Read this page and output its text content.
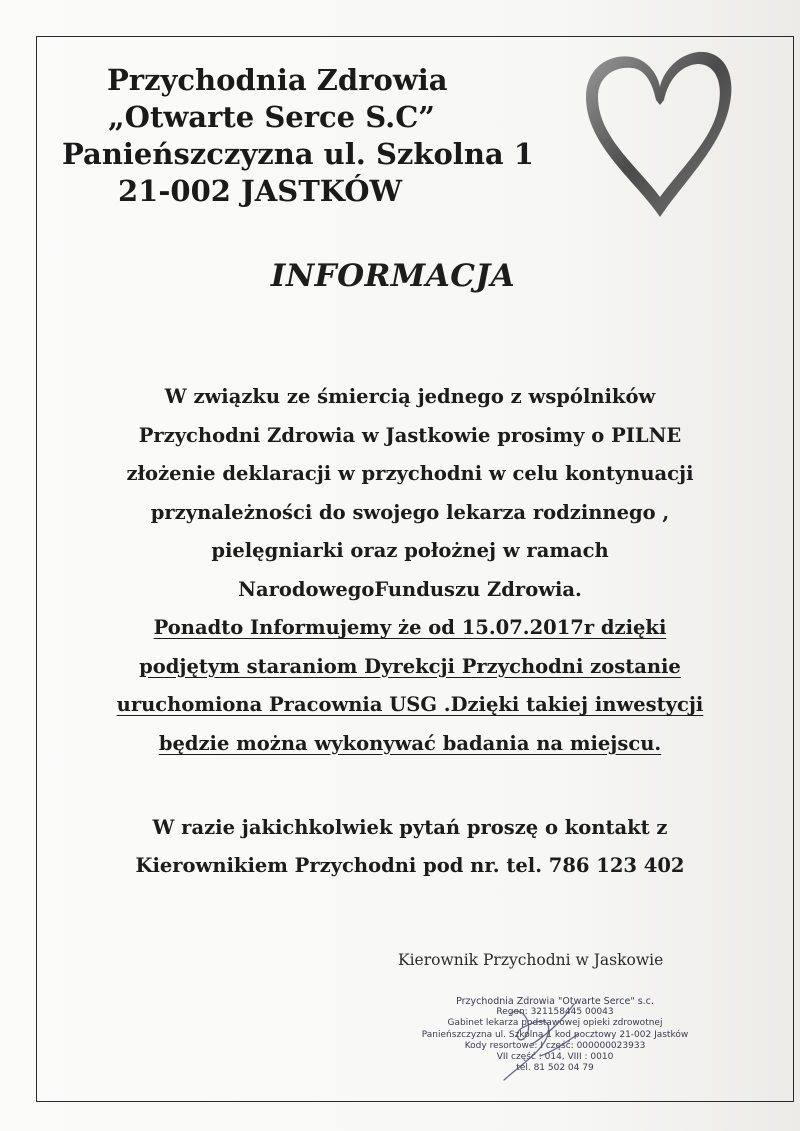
Przychodnia Zdrowia
„Otwarte Serce S.C”
Panieńszczyzna ul. Szkolna 1
21-002 JASTKÓW
INFORMACJA
W związku ze śmiercią jednego z wspólników
Przychodni Zdrowia w Jastkowie prosimy o PILNE
złożenie deklaracji w przychodni w celu kontynuacji
przynależności do swojego lekarza rodzinnego ,
pielęgniarki oraz położnej w ramach
NarodowegoFunduszu Zdrowia.
Ponadto Informujemy że od 15.07.2017r dzięki
podjętym staraniom Dyrekcji Przychodni zostanie
uruchomiona Pracownia USG .Dzięki takiej inwestycji
będzie można wykonywać badania na miejscu.
W razie jakichkolwiek pytań proszę o kontakt z
Kierownikiem Przychodni pod nr. tel. 786 123 402
Kierownik Przychodni w Jaskowie
Przychodnia Zdrowia "Otwarte Serce" s.c.
Regon: 321158445 00043
Gabinet lekarza podstawowej opieki zdrowotnej
Panieńszczyzna ul. Szkolna 1 kod pocztowy 21-002 Jastków
Kody resortowe: I część: 000000023933
VII część : 014, VIII : 0010
tel. 81 502 04 79
